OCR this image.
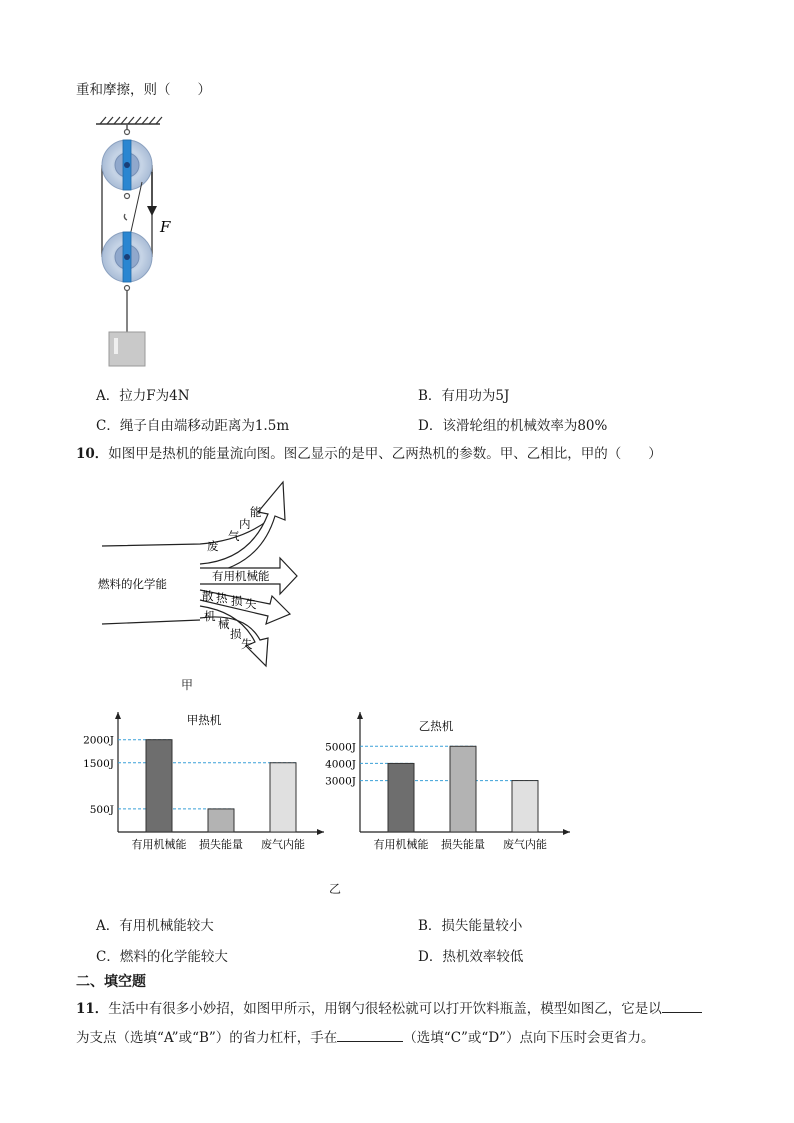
重和摩擦，则（　　）
F
A．拉力F为4N	B．有用功为5J
C．绳子自由端移动距离为1.5m	D．该滑轮组的机械效率为80%
10．如图甲是热机的能量流向图。图乙显示的是甲、乙两热机的参数。甲、乙相比，甲的（　　）
燃料的化学能
废
气
内
能
有用机械能
散 热 损 失
机
械
损
失
甲
甲热机
2000J
1500J
500J
有用机械能 损失能量 废气内能
乙热机
5000J
4000J
3000J
有用机械能 损失能量 废气内能
乙
A．有用机械能较大	B．损失能量较小
C．燃料的化学能较大	D．热机效率较低
二、填空题
11．生活中有很多小妙招，如图甲所示，用钢勺很轻松就可以打开饮料瓶盖，模型如图乙，它是以
为支点（选填“A”或“B”）的省力杠杆，手在	（选填“C”或“D”）点向下压时会更省力。
